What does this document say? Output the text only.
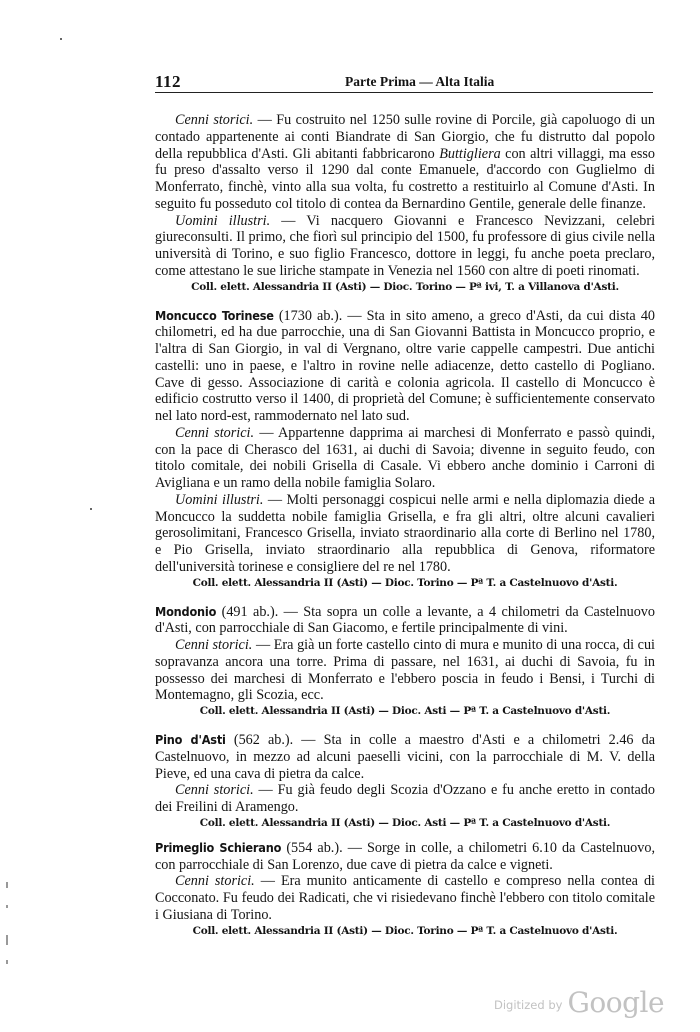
112	Parte Prima — Alta Italia

Cenni storici. — Fu costruito nel 1250 sulle rovine di Porcile, già capoluogo di un contado appartenente ai conti Biandrate di San Giorgio, che fu distrutto dal popolo della repubblica d'Asti. Gli abitanti fabbricarono Buttigliera con altri villaggi, ma esso fu preso d'assalto verso il 1290 dal conte Emanuele, d'accordo con Guglielmo di Monferrato, finchè, vinto alla sua volta, fu costretto a restituirlo al Comune d'Asti. In seguito fu posseduto col titolo di contea da Bernardino Gentile, generale delle finanze.

Uomini illustri. — Vi nacquero Giovanni e Francesco Nevizzani, celebri giureconsulti. Il primo, che fiorì sul principio del 1500, fu professore di gius civile nella università di Torino, e suo figlio Francesco, dottore in leggi, fu anche poeta preclaro, come attestano le sue liriche stampate in Venezia nel 1560 con altre di poeti rinomati.

Coll. elett. Alessandria II (Asti) — Dioc. Torino — Pª ivi, T. a Villanova d'Asti.

Moncucco Torinese (1730 ab.). — Sta in sito ameno, a greco d'Asti, da cui dista 40 chilometri, ed ha due parrocchie, una di San Giovanni Battista in Moncucco proprio, e l'altra di San Giorgio, in val di Vergnano, oltre varie cappelle campestri. Due antichi castelli: uno in paese, e l'altro in rovine nelle adiacenze, detto castello di Pogliano. Cave di gesso. Associazione di carità e colonia agricola. Il castello di Moncucco è edificio costrutto verso il 1400, di proprietà del Comune; è sufficientemente conservato nel lato nord-est, rammodernato nel lato sud.

Cenni storici. — Appartenne dapprima ai marchesi di Monferrato e passò quindi, con la pace di Cherasco del 1631, ai duchi di Savoia; divenne in seguito feudo, con titolo comitale, dei nobili Grisella di Casale. Vi ebbero anche dominio i Carroni di Avigliana e un ramo della nobile famiglia Solaro.

Uomini illustri. — Molti personaggi cospicui nelle armi e nella diplomazia diede a Moncucco la suddetta nobile famiglia Grisella, e fra gli altri, oltre alcuni cavalieri gerosolimitani, Francesco Grisella, inviato straordinario alla corte di Berlino nel 1780, e Pio Grisella, inviato straordinario alla repubblica di Genova, riformatore dell'università torinese e consigliere del re nel 1780.

Coll. elett. Alessandria II (Asti) — Dioc. Torino — Pª T. a Castelnuovo d'Asti.

Mondonio (491 ab.). — Sta sopra un colle a levante, a 4 chilometri da Castelnuovo d'Asti, con parrocchiale di San Giacomo, e fertile principalmente di vini.

Cenni storici. — Era già un forte castello cinto di mura e munito di una rocca, di cui sopravanza ancora una torre. Prima di passare, nel 1631, ai duchi di Savoia, fu in possesso dei marchesi di Monferrato e l'ebbero poscia in feudo i Bensi, i Turchi di Montemagno, gli Scozia, ecc.

Coll. elett. Alessandria II (Asti) — Dioc. Asti — Pª T. a Castelnuovo d'Asti.

Pino d'Asti (562 ab.). — Sta in colle a maestro d'Asti e a chilometri 2.46 da Castelnuovo, in mezzo ad alcuni paeselli vicini, con la parrocchiale di M. V. della Pieve, ed una cava di pietra da calce.

Cenni storici. — Fu già feudo degli Scozia d'Ozzano e fu anche eretto in contado dei Freilini di Aramengo.

Coll. elett. Alessandria II (Asti) — Dioc. Asti — Pª T. a Castelnuovo d'Asti.

Primeglio Schierano (554 ab.). — Sorge in colle, a chilometri 6.10 da Castelnuovo, con parrocchiale di San Lorenzo, due cave di pietra da calce e vigneti.

Cenni storici. — Era munito anticamente di castello e compreso nella contea di Cocconato. Fu feudo dei Radicati, che vi risiedevano finchè l'ebbero con titolo comitale i Giusiana di Torino.

Coll. elett. Alessandria II (Asti) — Dioc. Torino — Pª T. a Castelnuovo d'Asti.

Digitized by Google
